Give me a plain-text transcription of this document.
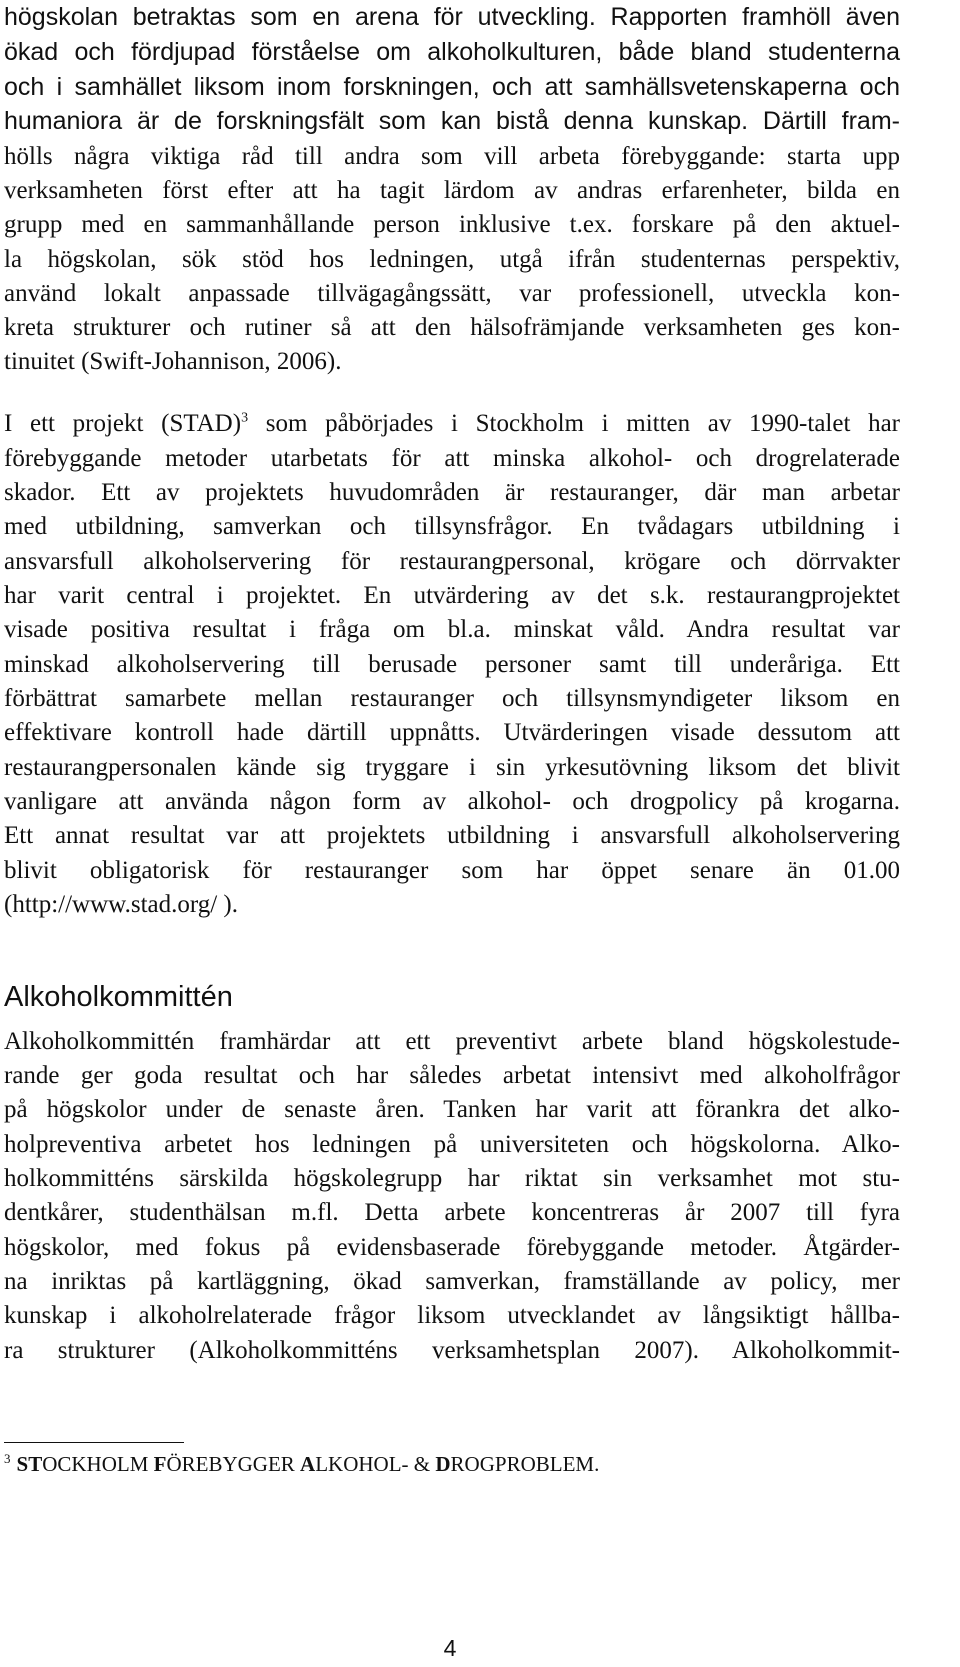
högskolan betraktas som en arena för utveckling. Rapporten framhöll även
ökad och fördjupad förståelse om alkoholkulturen, både bland studenterna
och i samhället liksom inom forskningen, och att samhällsvetenskaperna och
humaniora är de forskningsfält som kan bistå denna kunskap. Därtill fram-
hölls några viktiga råd till andra som vill arbeta förebyggande: starta upp
verksamheten först efter att ha tagit lärdom av andras erfarenheter, bilda en
grupp med en sammanhållande person inklusive t.ex. forskare på den aktuel-
la högskolan, sök stöd hos ledningen, utgå ifrån studenternas perspektiv,
använd lokalt anpassade tillvägagångssätt, var professionell, utveckla kon-
kreta strukturer och rutiner så att den hälsofrämjande verksamheten ges kon-
tinuitet (Swift-Johannison, 2006).
I ett projekt (STAD)$^3$ som påbörjades i Stockholm i mitten av 1990-talet har
förebyggande metoder utarbetats för att minska alkohol- och drogrelaterade
skador. Ett av projektets huvudområden är restauranger, där man arbetar
med utbildning, samverkan och tillsynsfrågor. En tvådagars utbildning i
ansvarsfull alkoholservering för restaurangpersonal, krögare och dörrvakter
har varit central i projektet. En utvärdering av det s.k. restaurangprojektet
visade positiva resultat i fråga om bl.a. minskat våld. Andra resultat var
minskad alkoholservering till berusade personer samt till underåriga. Ett
förbättrat samarbete mellan restauranger och tillsynsmyndigeter liksom en
effektivare kontroll hade därtill uppnåtts. Utvärderingen visade dessutom att
restaurangpersonalen kände sig tryggare i sin yrkesutövning liksom det blivit
vanligare att använda någon form av alkohol- och drogpolicy på krogarna.
Ett annat resultat var att projektets utbildning i ansvarsfull alkoholservering
blivit obligatorisk för restauranger som har öppet senare än 01.00
(http://www.stad.org/ ).
Alkoholkommittén
Alkoholkommittén framhärdar att ett preventivt arbete bland högskolestude-
rande ger goda resultat och har således arbetat intensivt med alkoholfrågor
på högskolor under de senaste åren. Tanken har varit att förankra det alko-
holpreventiva arbetet hos ledningen på universiteten och högskolorna. Alko-
holkommitténs särskilda högskolegrupp har riktat sin verksamhet mot stu-
dentkårer, studenthälsan m.fl. Detta arbete koncentreras år 2007 till fyra
högskolor, med fokus på evidensbaserade förebyggande metoder. Åtgärder-
na inriktas på kartläggning, ökad samverkan, framställande av policy, mer
kunskap i alkoholrelaterade frågor liksom utvecklandet av långsiktigt hållba-
ra strukturer (Alkoholkommitténs verksamhetsplan 2007). Alkoholkommit-
$^3$ STOCKHOLM FÖREBYGGER ALKOHOL- & DROGPROBLEM.
4
